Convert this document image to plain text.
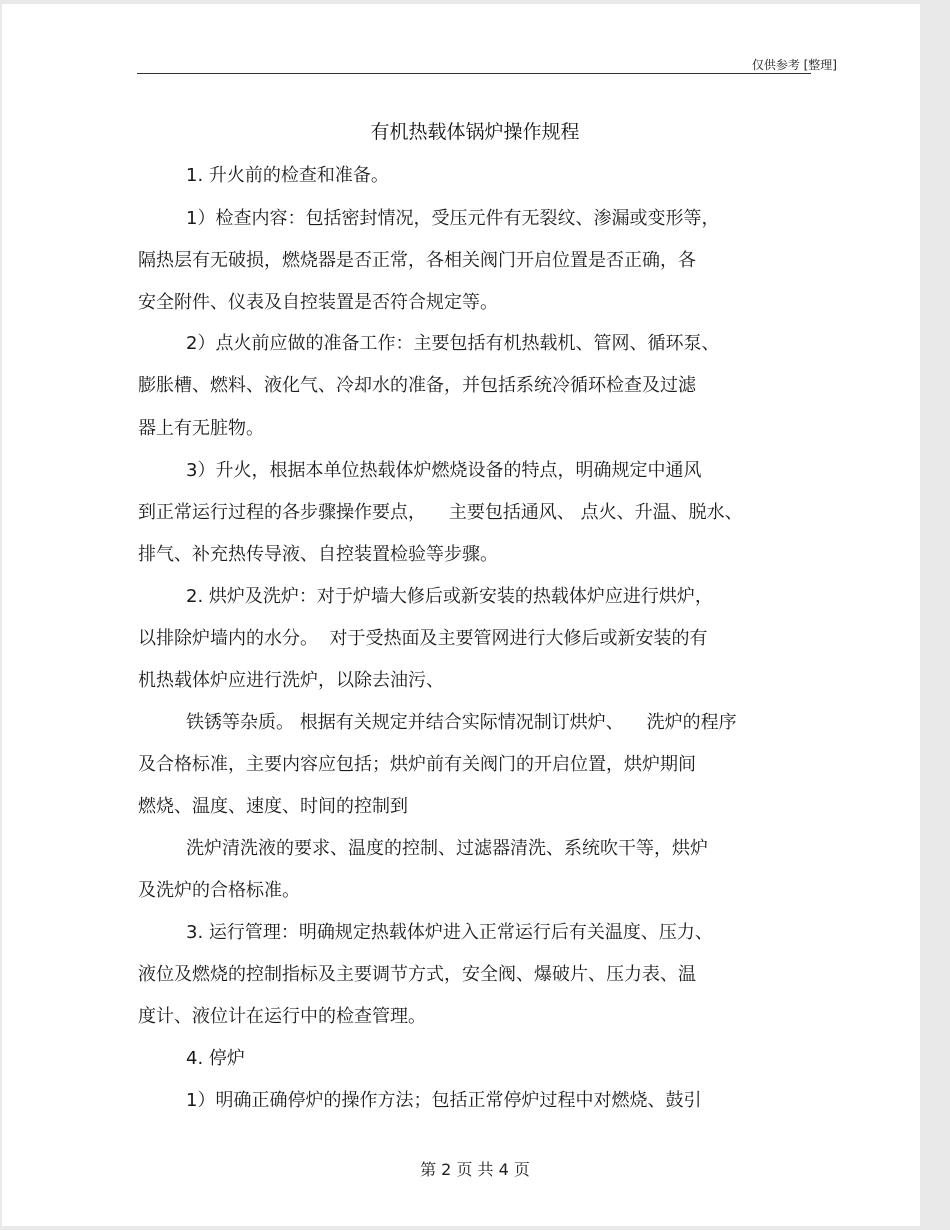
仅供参考 [整理]
有机热载体锅炉操作规程
1. 升火前的检查和准备。
1）检查内容：包括密封情况，受压元件有无裂纹、渗漏或变形等，
隔热层有无破损，燃烧器是否正常，各相关阀门开启位置是否正确，各
安全附件、仪表及自控装置是否符合规定等。
2）点火前应做的准备工作：主要包括有机热载机、管网、循环泵、
膨胀槽、燃料、液化气、冷却水的准备，并包括系统冷循环检查及过滤
器上有无脏物。
3）升火，根据本单位热载体炉燃烧设备的特点，明确规定中通风
到正常运行过程的各步骤操作要点，    主要包括通风、 点火、升温、脱水、
排气、补充热传导液、自控装置检验等步骤。
2. 烘炉及洗炉：对于炉墙大修后或新安装的热载体炉应进行烘炉，
以排除炉墙内的水分。  对于受热面及主要管网进行大修后或新安装的有
机热载体炉应进行洗炉，以除去油污、
铁锈等杂质。 根据有关规定并结合实际情况制订烘炉、    洗炉的程序
及合格标准，主要内容应包括；烘炉前有关阀门的开启位置，烘炉期间
燃烧、温度、速度、时间的控制到
洗炉清洗液的要求、温度的控制、过滤器清洗、系统吹干等，烘炉
及洗炉的合格标准。
3. 运行管理：明确规定热载体炉进入正常运行后有关温度、压力、
液位及燃烧的控制指标及主要调节方式，安全阀、爆破片、压力表、温
度计、液位计在运行中的检查管理。
4. 停炉
1）明确正确停炉的操作方法；包括正常停炉过程中对燃烧、鼓引
第 2 页 共 4 页
